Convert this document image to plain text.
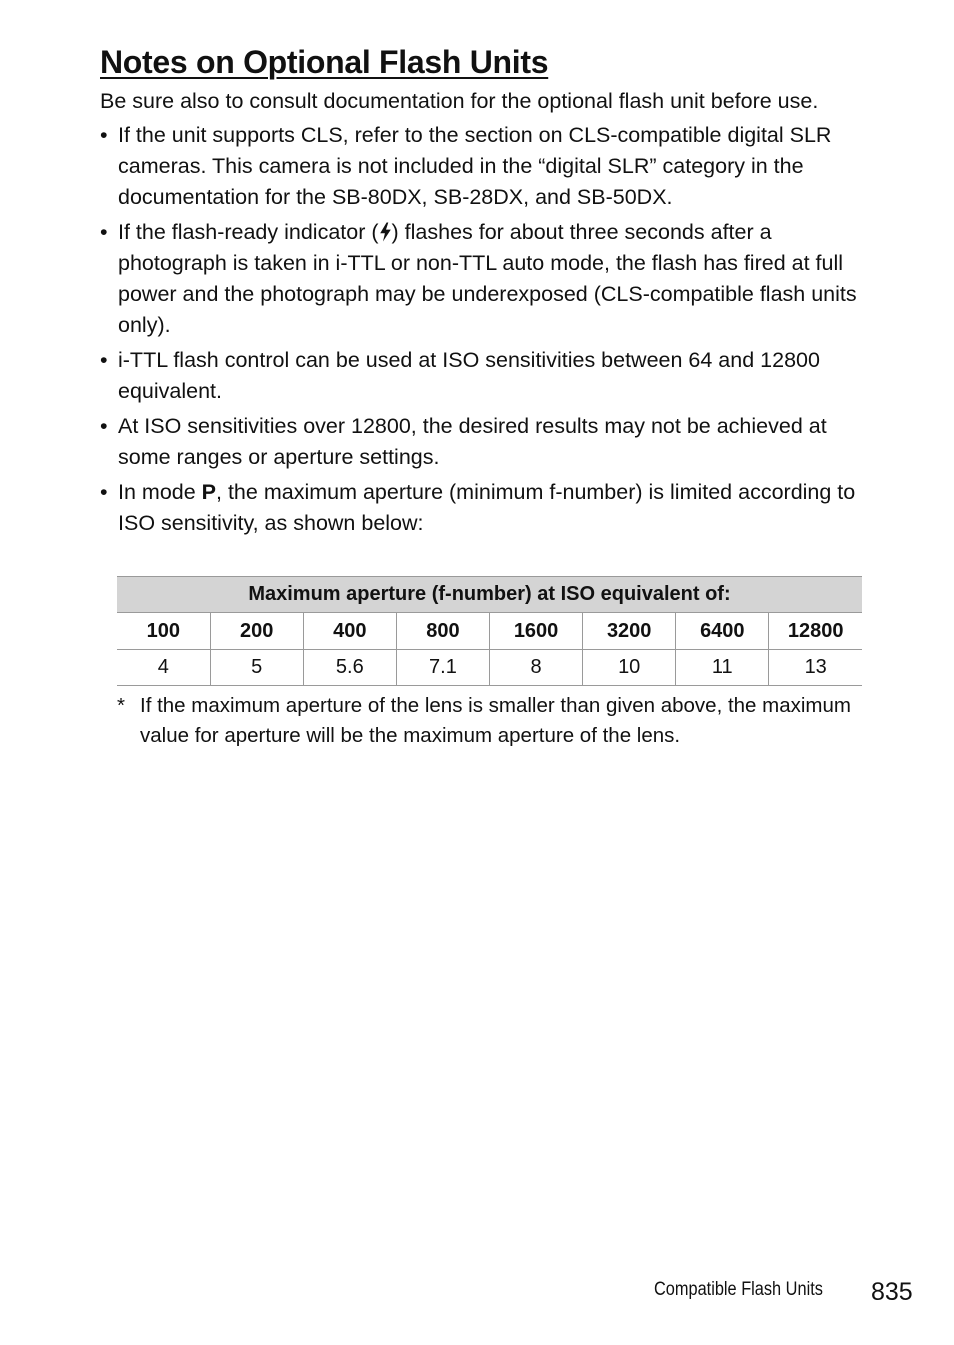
Notes on Optional Flash Units

Be sure also to consult documentation for the optional flash unit before use.

• If the unit supports CLS, refer to the section on CLS-compatible digital SLR cameras. This camera is not included in the “digital SLR” category in the documentation for the SB-80DX, SB-28DX, and SB-50DX.
• If the flash-ready indicator ( ) flashes for about three seconds after a photograph is taken in i-TTL or non-TTL auto mode, the flash has fired at full power and the photograph may be underexposed (CLS-compatible flash units only).
• i-TTL flash control can be used at ISO sensitivities between 64 and 12800 equivalent.
• At ISO sensitivities over 12800, the desired results may not be achieved at some ranges or aperture settings.
• In mode P, the maximum aperture (minimum f-number) is limited according to ISO sensitivity, as shown below:
Maximum aperture (f-number) at ISO equivalent of:							
100	200	400	800	1600	3200	6400	12800
4	5	5.6	7.1	8	10	11	13
* If the maximum aperture of the lens is smaller than given above, the maximum value for aperture will be the maximum aperture of the lens.
Compatible Flash Units 835
